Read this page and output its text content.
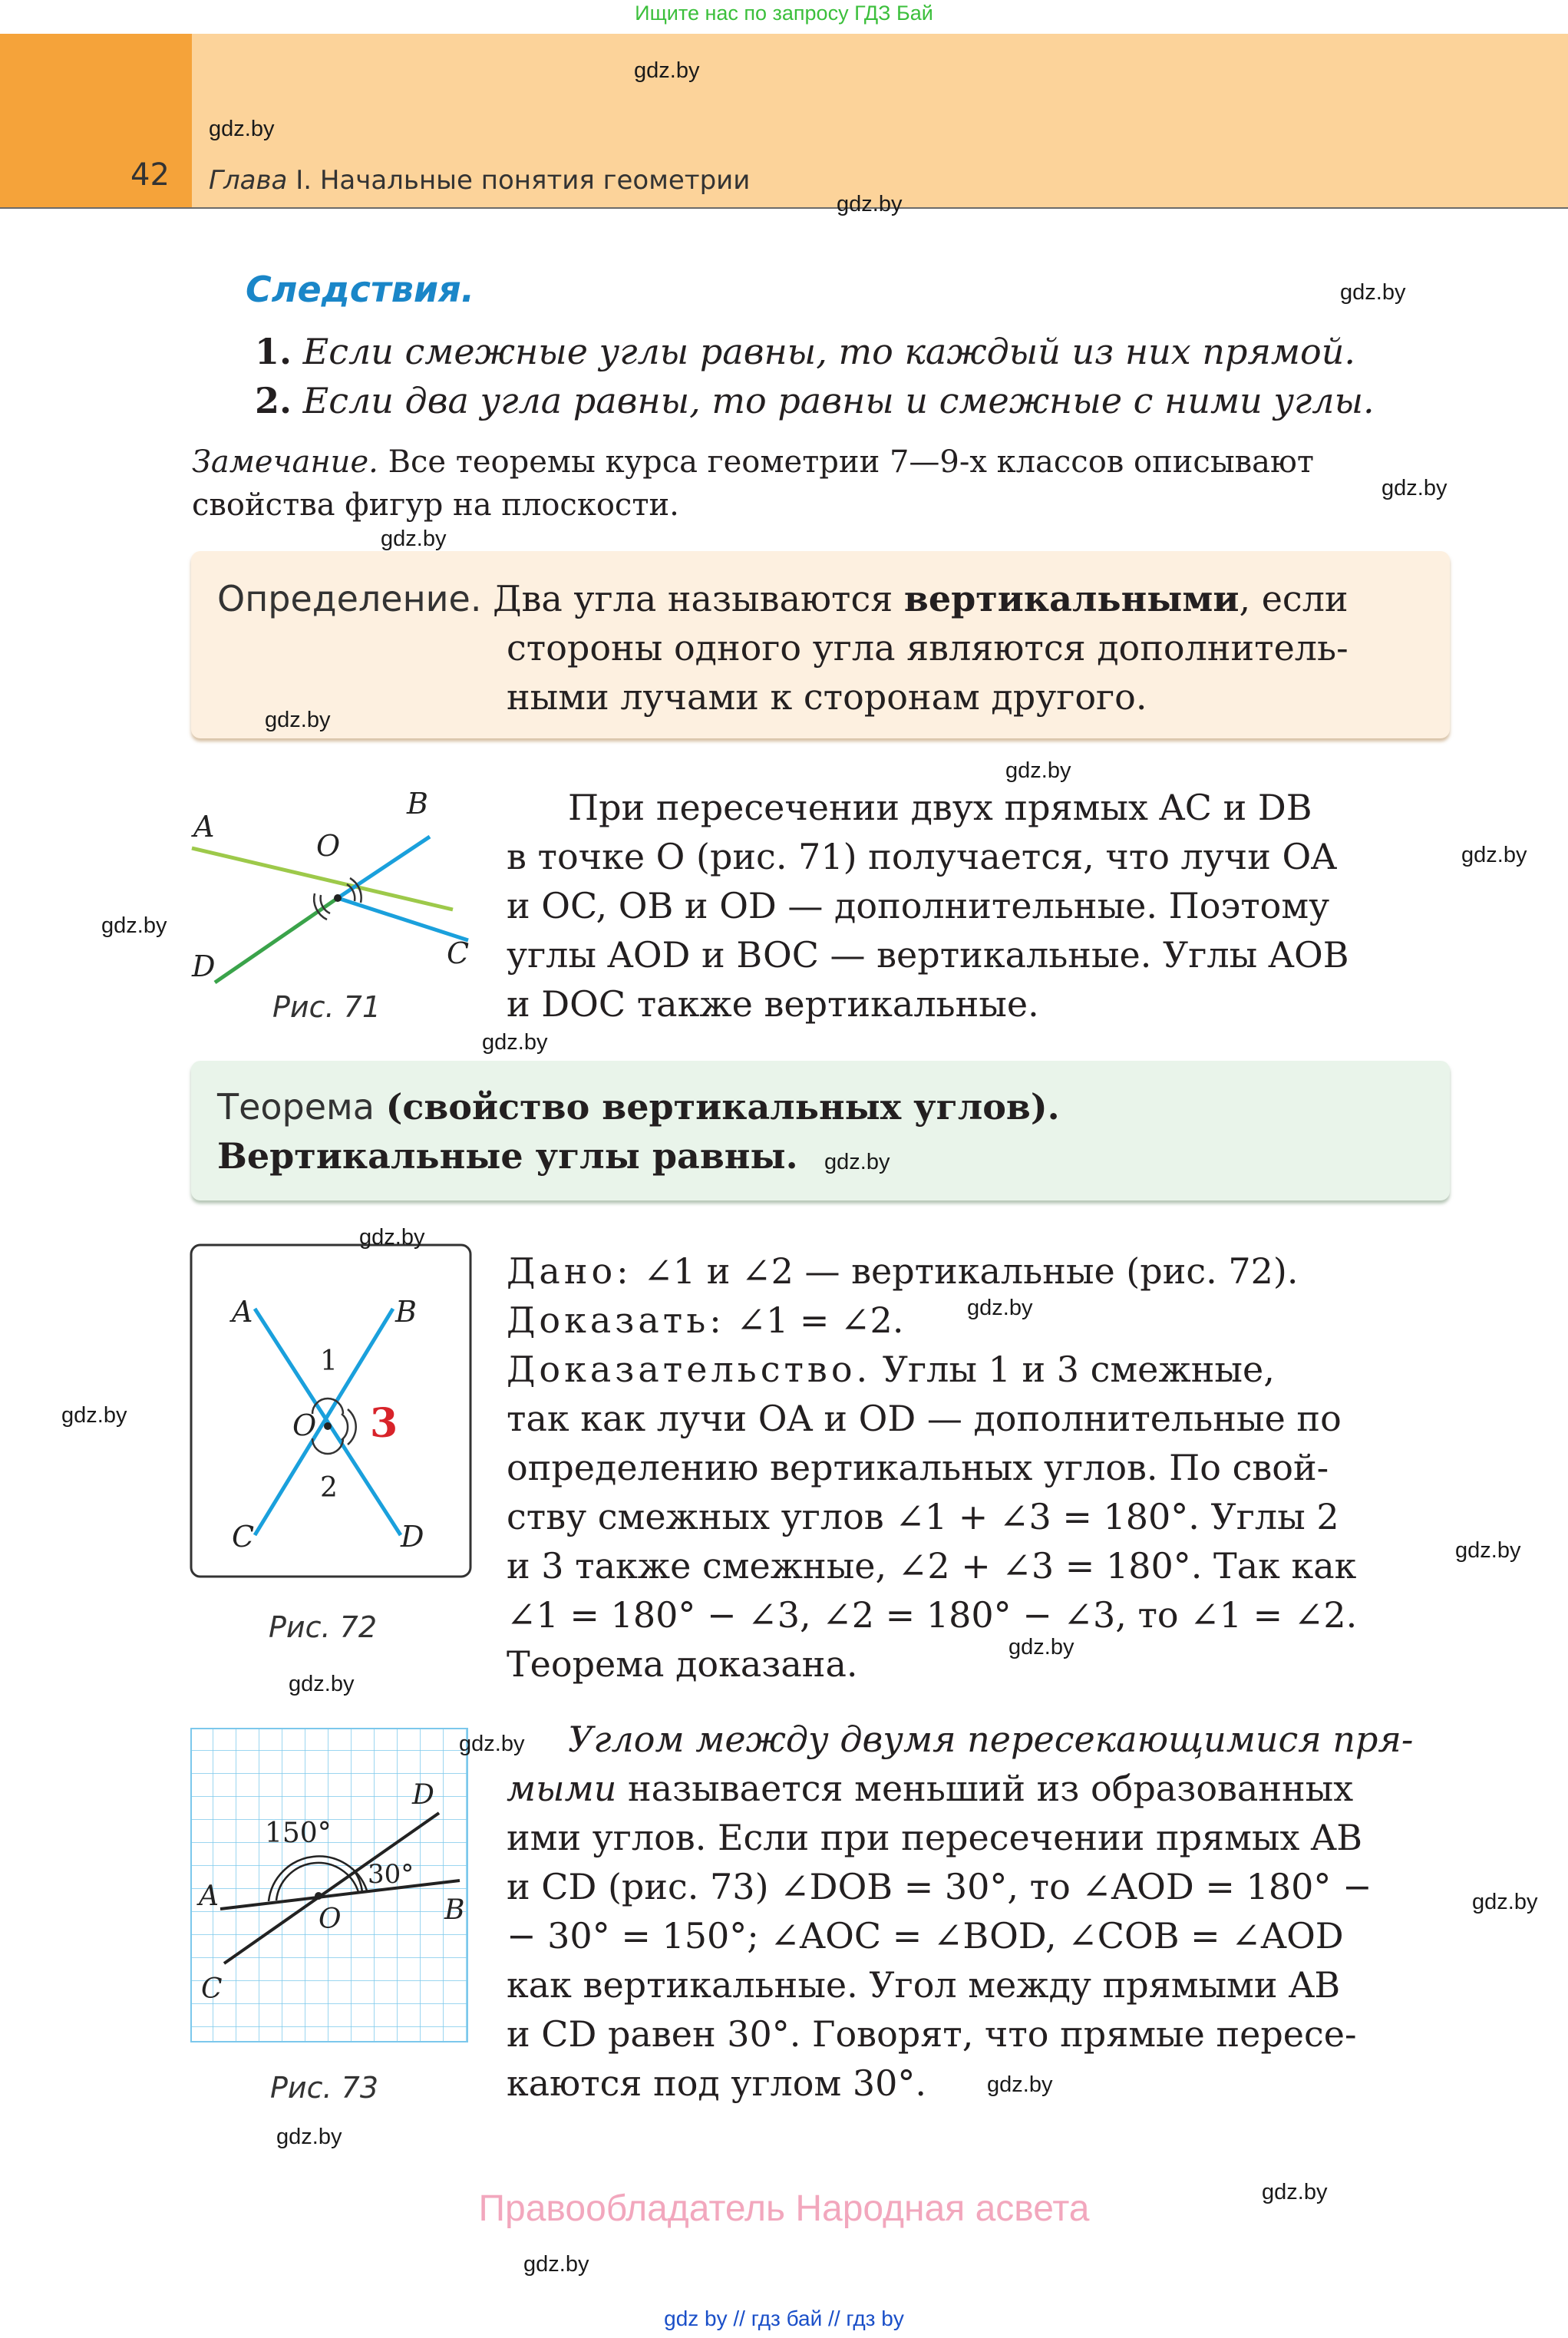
Ищите нас по запросу ГДЗ Бай
42 Глава I. Начальные понятия геометрии
Следствия.
1. Если смежные углы равны, то каждый из них прямой.
2. Если два угла равны, то равны и смежные с ними углы.
Замечание. Все теоремы курса геометрии 7—9-х классов описывают
свойства фигур на плоскости.
Определение. Два угла называются вертикальными, если
стороны одного угла являются дополнитель-
ными лучами к сторонам другого.
A
B
C
D
O
Рис. 71
При пересечении двух прямых AC и DB
в точке O (рис. 71) получается, что лучи OA
и OC, OB и OD — дополнительные. Поэтому
углы AOD и BOC — вертикальные. Углы AOB
и DOC также вертикальные.
Теорема (свойство вертикальных углов).
Вертикальные углы равны.
A	B
C	D
O
1
2
3
Рис. 72
Дано: ∠1 и ∠2 — вертикальные (рис. 72).
Доказать: ∠1 = ∠2.
Доказательство. Углы 1 и 3 смежные,
так как лучи OA и OD — дополнительные по
определению вертикальных углов. По свой-
ству смежных углов ∠1 + ∠3 = 180°. Углы 2
и 3 также смежные, ∠2 + ∠3 = 180°. Так как
∠1 = 180° − ∠3, ∠2 = 180° − ∠3, то ∠1 = ∠2.
Теорема доказана.
A	B
C
D
O
150°
30°
Рис. 73
Углом между двумя пересекающимися пря-
мыми называется меньший из образованных
ими углов. Если при пересечении прямых AB
и CD (рис. 73) ∠DOB = 30°, то ∠AOD = 180° −
− 30° = 150°; ∠AOC = ∠BOD, ∠COB = ∠AOD
как вертикальные. Угол между прямыми AB
и CD равен 30°. Говорят, что прямые пересе-
каются под углом 30°.
gdz.by
gdz.by
gdz.by
gdz.by
gdz.by
gdz.by
gdz.by
gdz.by
gdz.by
gdz.by
gdz.by
gdz.by
gdz.by
gdz.by
gdz.by
gdz.by
gdz.by
gdz.by
gdz.by
gdz.by
gdz.by
gdz.by
gdz.by
gdz.by
Правообладатель Народная асвета
gdz by // гдз бай // гдз by
